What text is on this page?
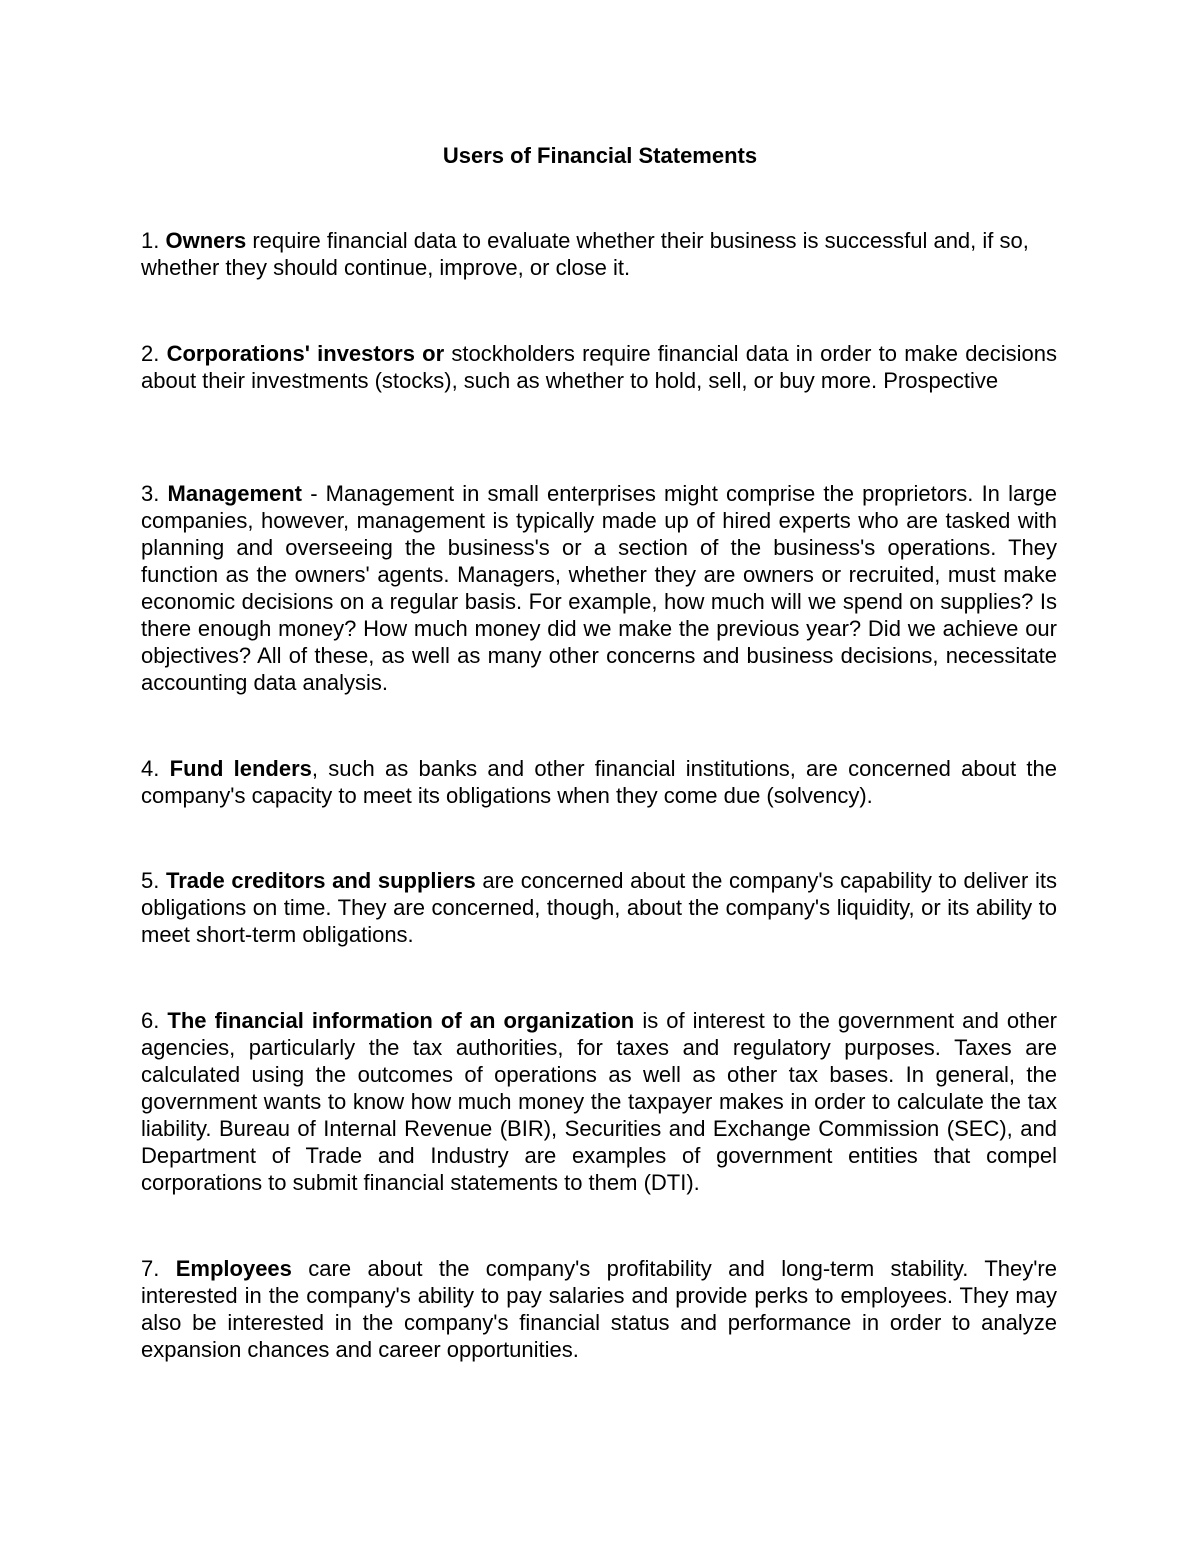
Users of Financial Statements

1. Owners require financial data to evaluate whether their business is successful and, if so, whether they should continue, improve, or close it.

2. Corporations' investors or stockholders require financial data in order to make decisions about their investments (stocks), such as whether to hold, sell, or buy more. Prospective

3. Management - Management in small enterprises might comprise the proprietors. In large companies, however, management is typically made up of hired experts who are tasked with planning and overseeing the business's or a section of the business's operations. They function as the owners' agents. Managers, whether they are owners or recruited, must make economic decisions on a regular basis. For example, how much will we spend on supplies? Is there enough money? How much money did we make the previous year? Did we achieve our objectives? All of these, as well as many other concerns and business decisions, necessitate accounting data analysis.

4. Fund lenders, such as banks and other financial institutions, are concerned about the company's capacity to meet its obligations when they come due (solvency).

5. Trade creditors and suppliers are concerned about the company's capability to deliver its obligations on time. They are concerned, though, about the company's liquidity, or its ability to meet short-term obligations.

6. The financial information of an organization is of interest to the government and other agencies, particularly the tax authorities, for taxes and regulatory purposes. Taxes are calculated using the outcomes of operations as well as other tax bases. In general, the government wants to know how much money the taxpayer makes in order to calculate the tax liability. Bureau of Internal Revenue (BIR), Securities and Exchange Commission (SEC), and Department of Trade and Industry are examples of government entities that compel corporations to submit financial statements to them (DTI).

7. Employees care about the company's profitability and long-term stability. They're interested in the company's ability to pay salaries and provide perks to employees. They may also be interested in the company's financial status and performance in order to analyze expansion chances and career opportunities.
